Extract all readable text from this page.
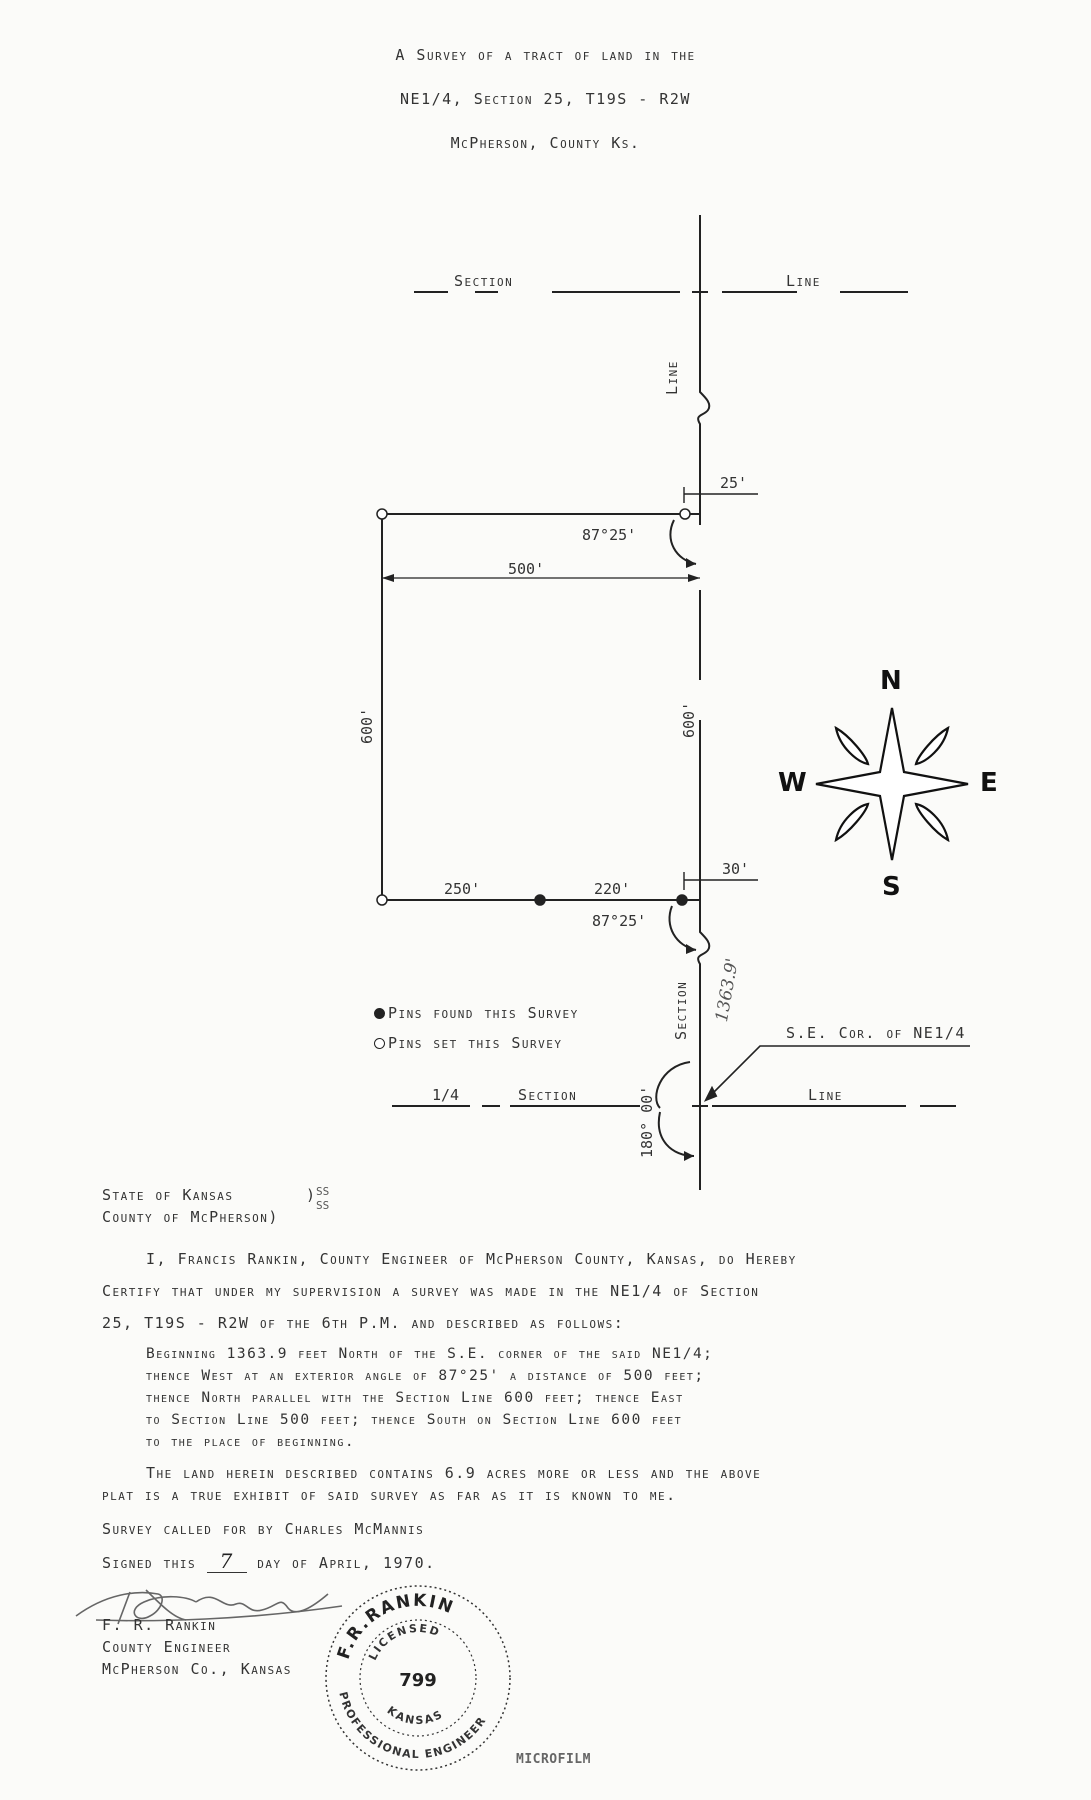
A Survey of a tract of land in the
NE1/4, Section 25, T19S - R2W
McPherson, County Ks.
Section	Line
Line
25'
87°25'
500'
600'	600'
30'
250'	220'
87°25'
1363.9'
Section	S.E. Cor. of NE1/4
180° 00'
1/4	Section	Line
N
S
E
W
Pins found this Survey
Pins set this Survey
State of Kansas	) SS
County of McPherson)
SS
I, Francis Rankin, County Engineer of McPherson County, Kansas, do Hereby
Certify that under my supervision a survey was made in the NE1/4 of Section
25, T19S - R2W of the 6th P.M. and described as follows:
Beginning 1363.9 feet North of the S.E. corner of the said NE1/4;
thence West at an exterior angle of 87°25' a distance of 500 feet;
thence North parallel with the Section Line 600 feet; thence East
to Section Line 500 feet; thence South on Section Line 600 feet
to the place of beginning.
The land herein described contains 6.9 acres more or less and the above
plat is a true exhibit of said survey as far as it is known to me.
Survey called for by Charles McMannis
Signed this 7 day of April, 1970.
F. R. Rankin
County Engineer
McPherson Co., Kansas
F.R.RANKIN
LICENSED
799
KANSAS
PROFESSIONAL ENGINEER
MICROFILM
